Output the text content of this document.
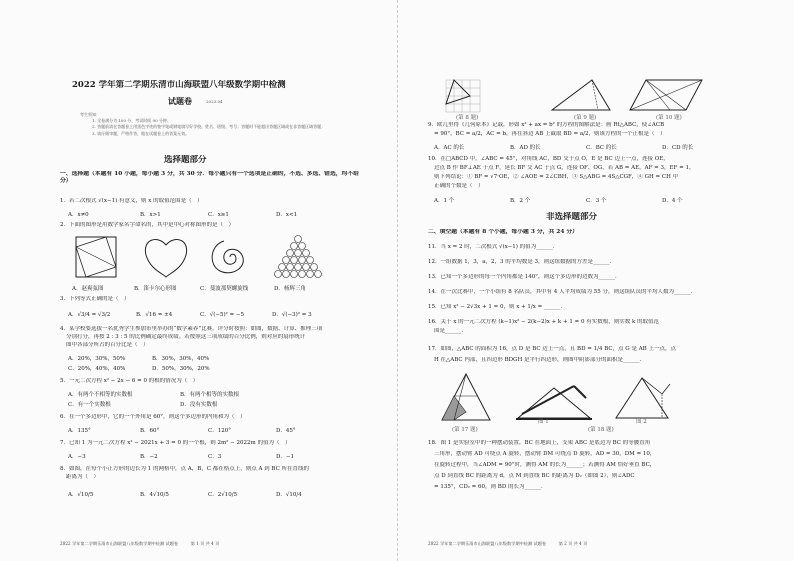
2022 学年第二学期乐清市山海联盟八年级数学期中检测
试题卷	2023.04
考生须知：
1. 全卷满分为 100 分，考试时间 90 分钟。
2. 答题前请在答题卷上用黑色字迹的签字笔或钢笔填写好学校、姓名、班级、考号；答题时不能超出答题区域或在非答题区域答题；
3. 请仔细审题，严格作答，做在试题卷上的答案无效。
选择题部分
一、选择题（本题有 10 小题，每小题 3 分，共 30 分．每小题只有一个选项是正确的，不选、多选、错选，均不给分）
1．若二次根式 √(x−1) 有意义，则 x 的取值范围是（　）
A．x≠0	B．x>1	C．x≥1	D．x<1
2．下面的图形是用数学家名字命名的，其中是中心对称图形的是（　）
A．赵爽弦图	B．笛卡尔心形图	C．斐波那契螺旋线	D．杨辉三角
3．下列等式正确的是（　）
A．√3/4 = √3/2	B．√16 = ±4	C．√(−5)² = −5	D．√(−3)² = 3
4．某学校要选拔一名优秀学生参加市里举办的“数学素养”比赛，评分时按照：如图，数据、计算、推理三项
分别打分，再按 2 : 3 : 5 的比例确定最终成绩。若按照这三项成绩的百分比例，则对应的扇形统计
图中各部分所占的百分比是（　）
A．20%，30%，50%	B．30%，30%，40%
C．20%，40%，40%	D．50%，30%，20%
5．一元二次方程 x² − 2x − 6 = 0 的根的情况为（　）
A．有两个不相等的实数根	B．有两个相等的实数根
C．有一个实数根	D．没有实数根
6．在一个多边形中，它的一个外角是 60°，则这个多边形的内角和为（　）
A．135°	B．60°	C．120°	D．45°
7．已知 1 为一元二次方程 x² − 2021x + 3 = 0 的一个根，则 2m² − 2022m 的值为（　）
A．−3	B．−2	C．3	D．−1
8．如图，在每个小正方形的边长为 1 的网格中，点 A，B，C 都在格点上，则点 A 到 BC 所在直线的
距离为（　）
A．√10/5	B．4√10/5	C．2√10/5	D．√10/4
2022 学年第二学期乐清市山海联盟八年级数学期中检测 试题卷　　　第 1 页 共 4 页
(第 8 题)	(第 9 题)	(第 10 题)
9．欧几里得《几何原本》记载，形如 x² + ax = b² 的方程的图解法是：画 Rt△ABC，使∠ACB
= 90°，BC = a/2，AC = b，再在斜边 AB 上截取 BD = a/2，则该方程的一个正根是（　）
A．AC 的长	B．AD 的长	C．BC 的长	D．CD 的长
10．在□ABCD 中，∠ABC = 45°，对角线 AC，BD 交于点 O，E 是 BC 边上一点，连接 OE，
过点 B 作 BF⊥AE 于点 F，延长 BF 交 AC 于点 G，连接 OF、OG，若 AB = AE，AF = 3，EF = 1，
则下列结论：① BF = √7·OE，② ∠AOE = 2∠CBH，③ S△ABG = 4S△CGF，④ GH = CH 中
正确的个数是（　）
A．1 个	B．2 个	C．3 个	D．4 个
非选择题部分
二、填空题（本题有 8 个小题，每小题 3 分，共 24 分）
11．当 x = 2 时，二次根式 √(x−1) 的值为______．
12．一组数据 1，3，a，2，3 的平均数是 3，则这组数据的方差是______．
13．已知一个多边形的每一个内角都是 140°，则这个多边形的边数为______．
14．在一次比赛中，一个小组有 8 名队员，其中有 4 人平均成绩为 55 分，则这组队员的平均人数为______．
15．已知 x² − 2√3x + 1 = 0，则 x + 1/x = ______．
16．关于 x 的一元二次方程 (k−1)x² − 2(k−2)x + k + 1 = 0 有实数根，则实数 k 的取值范
围是______．
17．如图，△ABC 的面积为 16，点 D 是 BC 边上一点，且 BD = 1/4 BC，点 G 是 AB 上一点，点
H 在△ABC 内部，且四边形 BDGH 是平行四边形，则图中阴影部分的面积是______．
(第 17 题)	(第 18 题)
图 1	图 2
18．图 1 是实验室中的一种摆动装置，BC 在地面上，支架 ABC 是底边为 BC 的等腰直角
三角形，摆动臂 AD 可绕点 A 旋转，摆动臂 DM 可绕点 D 旋转，AD = 30，DM = 10，
在旋转过程中，当∠ADM = 90°时，测得 AM 的长为______；若测得 AM 恰好垂直 BC，
点 D 到直线 BC 的距离为 d，点 M 到直线 BC 的距离为 D₂（如图 2），则∠ADC
= 135°，CD₂ = 60，则 BD 的长为______．
2022 学年第二学期乐清市山海联盟八年级数学期中检测 试题卷　　　第 2 页 共 4 页
